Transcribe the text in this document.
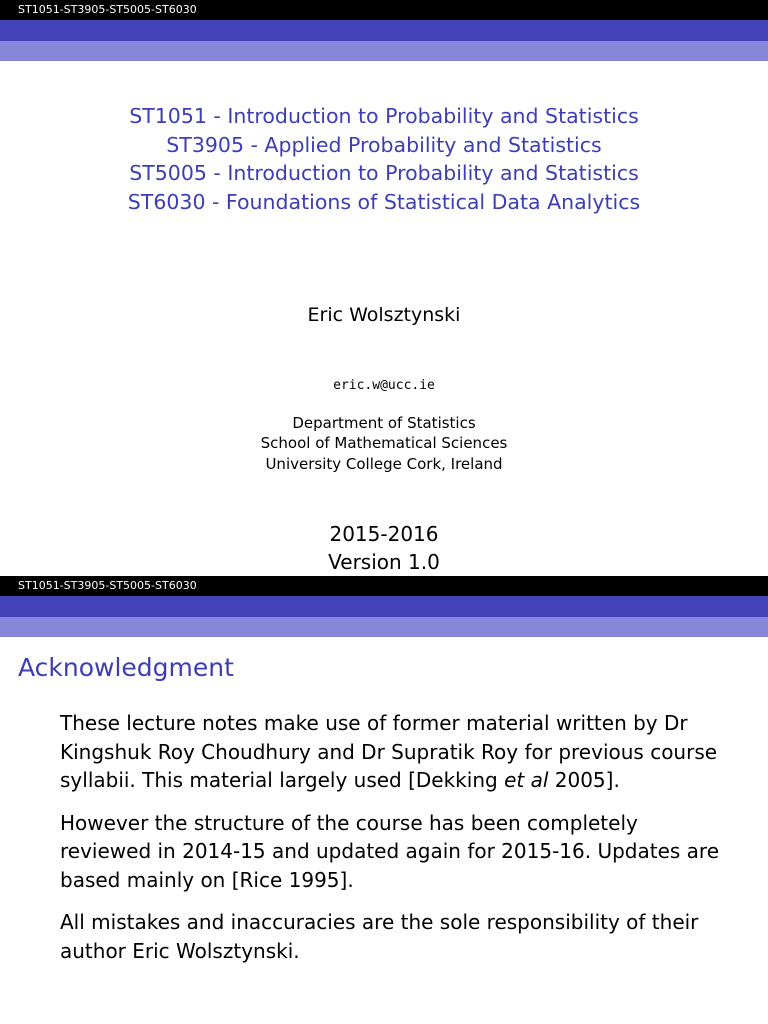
ST1051-ST3905-ST5005-ST6030
ST1051 - Introduction to Probability and Statistics
ST3905 - Applied Probability and Statistics
ST5005 - Introduction to Probability and Statistics
ST6030 - Foundations of Statistical Data Analytics
Eric Wolsztynski
eric.w@ucc.ie
Department of Statistics
School of Mathematical Sciences
University College Cork, Ireland
2015-2016
Version 1.0
ST1051-ST3905-ST5005-ST6030
Acknowledgment

These lecture notes make use of former material written by Dr Kingshuk Roy Choudhury and Dr Supratik Roy for previous course syllabii. This material largely used [Dekking et al 2005].

However the structure of the course has been completely reviewed in 2014-15 and updated again for 2015-16. Updates are based mainly on [Rice 1995].

All mistakes and inaccuracies are the sole responsibility of their author Eric Wolsztynski.
